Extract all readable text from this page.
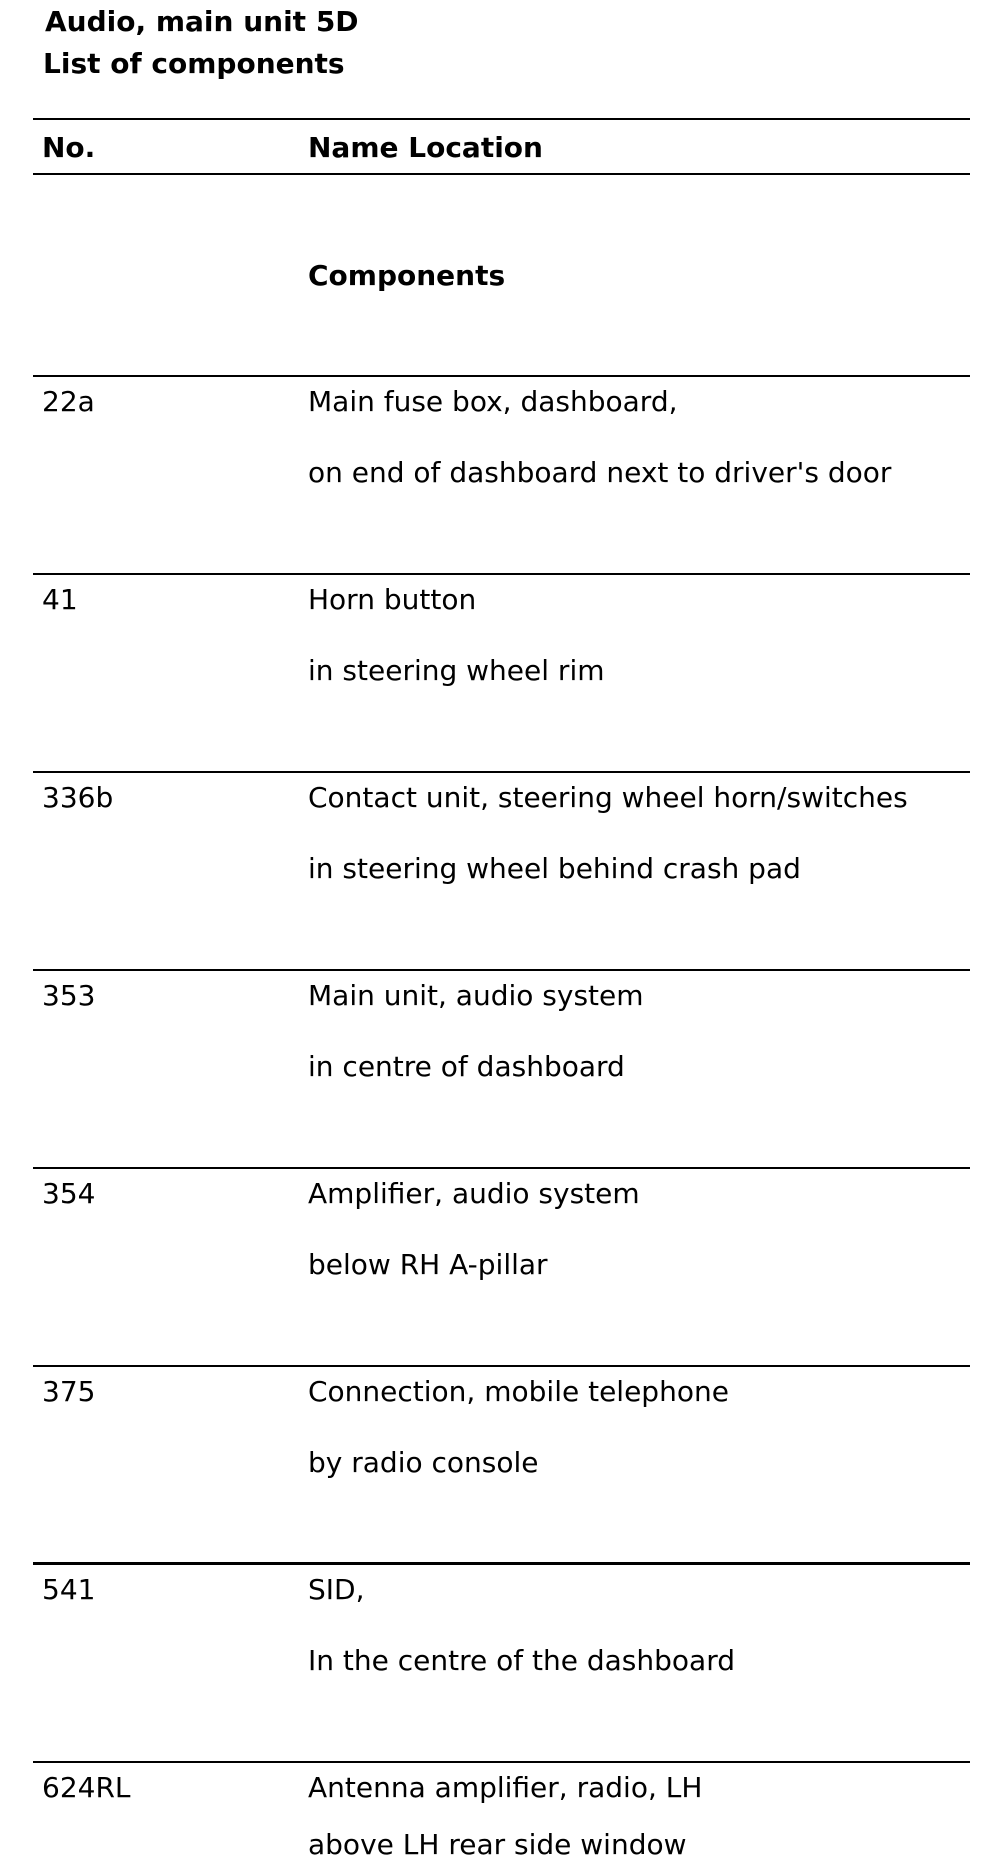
Audio, main unit 5D
List of components
No.	Name Location
Components
22a	Main fuse box, dashboard,
on end of dashboard next to driver's door
41	Horn button
in steering wheel rim
336b	Contact unit, steering wheel horn/switches
in steering wheel behind crash pad
353	Main unit, audio system
in centre of dashboard
354	Amplifier, audio system
below RH A-pillar
375	Connection, mobile telephone
by radio console
541	SID,
In the centre of the dashboard
624RL	Antenna amplifier, radio, LH
above LH rear side window
